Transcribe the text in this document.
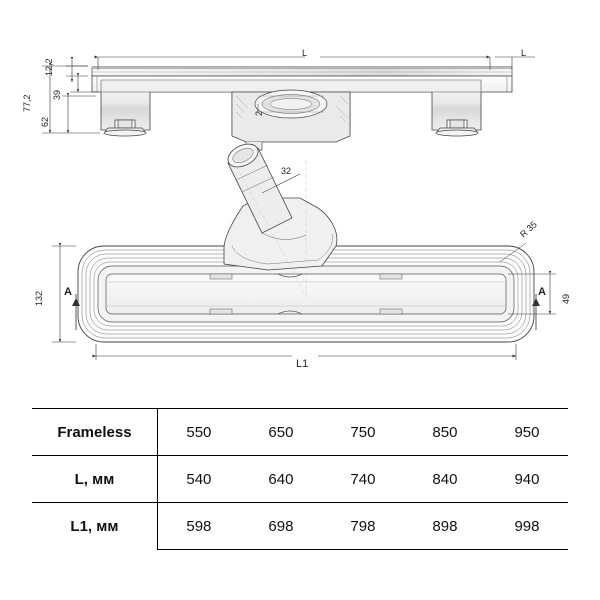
L	L
12,2
77,2 39
62
2
32
R 35
132	49
A	A
L1
Frameless	550	650	750	850	950
L, мм	540	640	740	840	940
L1, мм	598	698	798	898	998
